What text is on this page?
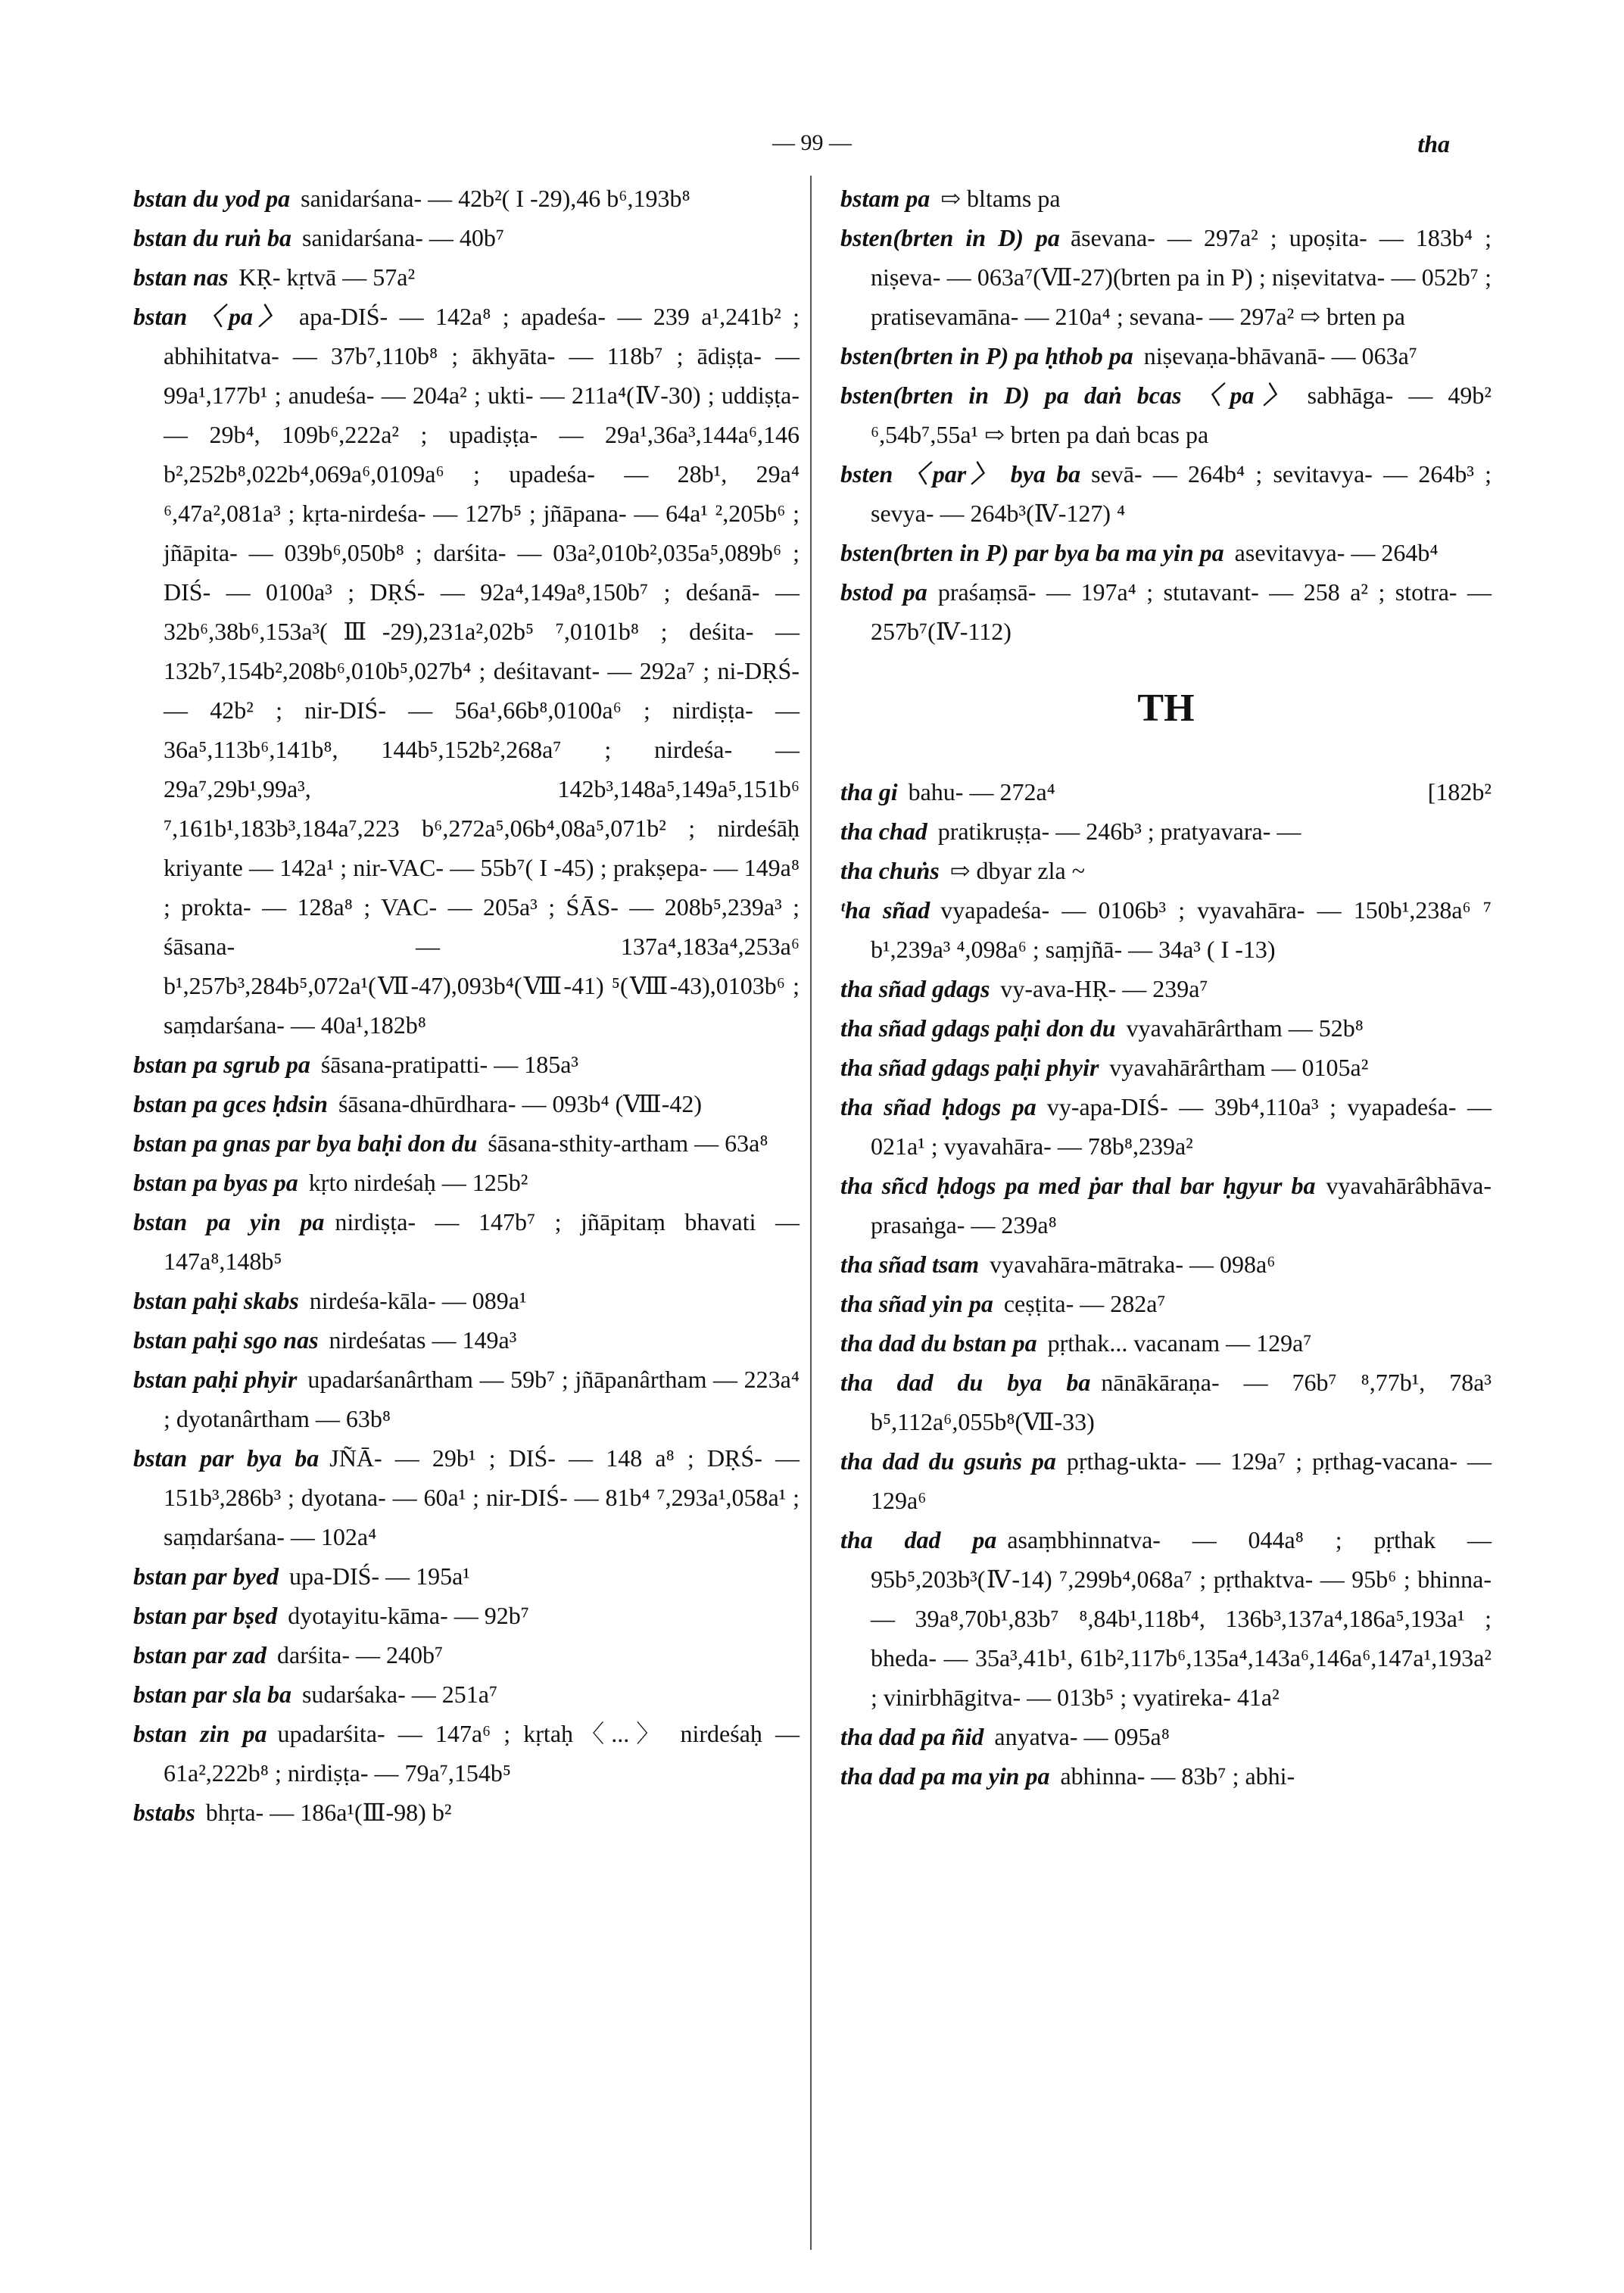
— 99 —	tha
bstan du yod pa sanidarśana- — 42b²( I -29),46 b⁶,193b⁸
bstan du ruṅ ba sanidarśana- — 40b⁷
bstan nas KṚ- kṛtvā — 57a²
bstan 〈pa〉 apa-DIŚ- — 142a⁸ ; apadeśa- — 239 a¹,241b² ; abhihitatva- — 37b⁷,110b⁸ ; ākhyāta- — 118b⁷ ; ādiṣṭa- — 99a¹,177b¹ ; anudeśa- — 204a² ; ukti- — 211a⁴(Ⅳ-30) ; uddiṣṭa- — 29b⁴, 109b⁶,222a² ; upadiṣṭa- — 29a¹,36a³,144a⁶,146 b²,252b⁸,022b⁴,069a⁶,0109a⁶ ; upadeśa- — 28b¹, 29a⁴ ⁶,47a²,081a³ ; kṛta-nirdeśa- — 127b⁵ ; jñāpana- — 64a¹ ²,205b⁶ ; jñāpita- — 039b⁶,050b⁸ ; darśita- — 03a²,010b²,035a⁵,089b⁶ ; DIŚ- — 0100a³ ; DṚŚ- — 92a⁴,149a⁸,150b⁷ ; deśanā- — 32b⁶,38b⁶,153a³(Ⅲ-29),231a²,02b⁵ ⁷,0101b⁸ ; deśita- — 132b⁷,154b²,208b⁶,010b⁵,027b⁴ ; deśitavant- — 292a⁷ ; ni-DṚŚ- — 42b² ; nir-DIŚ- — 56a¹,66b⁸,0100a⁶ ; nirdiṣṭa- — 36a⁵,113b⁶,141b⁸, 144b⁵,152b²,268a⁷ ; nirdeśa- — 29a⁷,29b¹,99a³, 142b³,148a⁵,149a⁵,151b⁶ ⁷,161b¹,183b³,184a⁷,223 b⁶,272a⁵,06b⁴,08a⁵,071b² ; nirdeśāḥ kriyante — 142a¹ ; nir-VAC- — 55b⁷( I -45) ; prakṣepa- — 149a⁸ ; prokta- — 128a⁸ ; VAC- — 205a³ ; ŚĀS- — 208b⁵,239a³ ; śāsana- — 137a⁴,183a⁴,253a⁶ b¹,257b³,284b⁵,072a¹(Ⅶ-47),093b⁴(Ⅷ-41) ⁵(Ⅷ-43),0103b⁶ ; saṃdarśana- — 40a¹,182b⁸
bstan pa sgrub pa śāsana-pratipatti- — 185a³
bstan pa gces ḥdsin śāsana-dhūrdhara- — 093b⁴ (Ⅷ-42)
bstan pa gnas par bya baḥi don du śāsana-sthity-artham — 63a⁸
bstan pa byas pa kṛto nirdeśaḥ — 125b²
bstan pa yin pa nirdiṣṭa- — 147b⁷ ; jñāpitaṃ bhavati — 147a⁸,148b⁵
bstan paḥi skabs nirdeśa-kāla- — 089a¹
bstan paḥi sgo nas nirdeśatas — 149a³
bstan paḥi phyir upadarśanârtham — 59b⁷ ; jñāpanârtham — 223a⁴ ; dyotanârtham — 63b⁸
bstan par bya ba JÑĀ- — 29b¹ ; DIŚ- — 148 a⁸ ; DṚŚ- — 151b³,286b³ ; dyotana- — 60a¹ ; nir-DIŚ- — 81b⁴ ⁷,293a¹,058a¹ ; saṃdarśana- — 102a⁴
bstan par byed upa-DIŚ- — 195a¹
bstan par bṣed dyotayitu-kāma- — 92b⁷
bstan par zad darśita- — 240b⁷
bstan par sla ba sudarśaka- — 251a⁷
bstan zin pa upadarśita- — 147a⁶ ; kṛtaḥ〈...〉 nirdeśaḥ — 61a²,222b⁸ ; nirdiṣṭa- — 79a⁷,154b⁵
bstabs bhṛta- — 186a¹(Ⅲ-98) b²
bstam pa ⇨ bltams pa
bsten(brten in D) pa āsevana- — 297a² ; upoṣita- — 183b⁴ ; niṣeva- — 063a⁷(Ⅶ-27)(brten pa in P) ; niṣevitatva- — 052b⁷ ; pratisevamāna- — 210a⁴ ; sevana- — 297a² ⇨ brten pa
bsten(brten in P) pa ḥthob pa niṣevaṇa-bhāvanā- — 063a⁷
bsten(brten in D) pa daṅ bcas 〈pa〉 sabhāga- — 49b² ⁶,54b⁷,55a¹ ⇨ brten pa daṅ bcas pa
bsten 〈par〉 bya ba sevā- — 264b⁴ ; sevitavya- — 264b³ ; sevya- — 264b³(Ⅳ-127) ⁴
bsten(brten in P) par bya ba ma yin pa asevitavya- — 264b⁴
bstod pa praśaṃsā- — 197a⁴ ; stutavant- — 258 a² ; stotra- — 257b⁷(Ⅳ-112)
TH
[182b²
tha gi bahu- — 272a⁴
tha chad pratikruṣṭa- — 246b³ ; pratyavara- —
tha chuṅs ⇨ dbyar zla ~
ᵗha sñad vyapadeśa- — 0106b³ ; vyavahāra- — 150b¹,238a⁶ ⁷ b¹,239a³ ⁴,098a⁶ ; saṃjñā- — 34a³ ( I -13)
tha sñad gdags vy-ava-HṚ- — 239a⁷
tha sñad gdags paḥi don du vyavahārârtham — 52b⁸
tha sñad gdags paḥi phyir vyavahārârtham — 0105a²
tha sñad ḥdogs pa vy-apa-DIŚ- — 39b⁴,110a³ ; vyapadeśa- — 021a¹ ; vyavahāra- — 78b⁸,239a²
tha sñcd ḥdogs pa med ṗar thal bar ḥgyur ba vyavahārâbhāva-prasaṅga- — 239a⁸
tha sñad tsam vyavahāra-mātraka- — 098a⁶
tha sñad yin pa ceṣṭita- — 282a⁷
tha dad du bstan pa pṛthak... vacanam — 129a⁷
tha dad du bya ba nānākāraṇa- — 76b⁷ ⁸,77b¹, 78a³ b⁵,112a⁶,055b⁸(Ⅶ-33)
tha dad du gsuṅs pa pṛthag-ukta- — 129a⁷ ; pṛthag-vacana- — 129a⁶
tha dad pa asaṃbhinnatva- — 044a⁸ ; pṛthak — 95b⁵,203b³(Ⅳ-14) ⁷,299b⁴,068a⁷ ; pṛthaktva- — 95b⁶ ; bhinna- — 39a⁸,70b¹,83b⁷ ⁸,84b¹,118b⁴, 136b³,137a⁴,186a⁵,193a¹ ; bheda- — 35a³,41b¹, 61b²,117b⁶,135a⁴,143a⁶,146a⁶,147a¹,193a² ; vinirbhāgitva- — 013b⁵ ; vyatireka- 41a²
tha dad pa ñid anyatva- — 095a⁸
tha dad pa ma yin pa abhinna- — 83b⁷ ; abhi-
